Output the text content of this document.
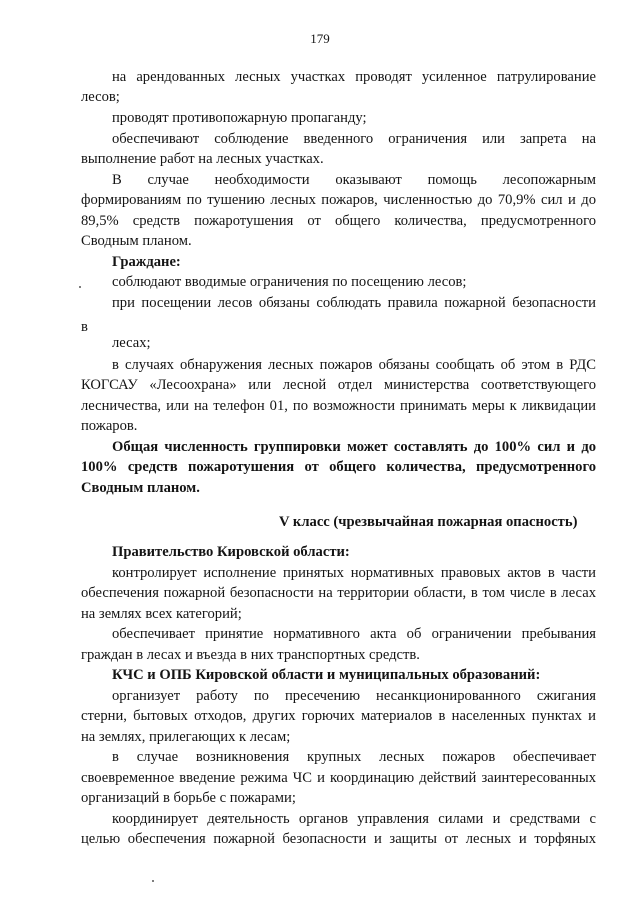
179
на арендованных лесных участках проводят усиленное патрулирование
лесов;
проводят противопожарную пропаганду;
обеспечивают соблюдение введенного ограничения или запрета на
выполнение работ на лесных участках.
В случае необходимости оказывают помощь лесопожарным
формированиям по тушению лесных пожаров, численностью до 70,9% сил и до
89,5% средств пожаротушения от общего количества, предусмотренного
Сводным планом.
Граждане:
соблюдают вводимые ограничения по посещению лесов;
при посещении лесов обязаны соблюдать правила пожарной безопасности
в
лесах;
в случаях обнаружения лесных пожаров обязаны сообщать об этом в РДС
КОГСАУ «Лесоохрана» или лесной отдел министерства соответствующего
лесничества, или на телефон 01, по возможности принимать меры к ликвидации
пожаров.
Общая численность группировки может составлять до 100% сил и до
100% средств пожаротушения от общего количества, предусмотренного
Сводным планом.
V класс (чрезвычайная пожарная опасность)
Правительство Кировской области:
контролирует исполнение принятых нормативных правовых актов в части
обеспечения пожарной безопасности на территории области, в том числе в лесах
на землях всех категорий;
обеспечивает принятие нормативного акта об ограничении пребывания
граждан в лесах и въезда в них транспортных средств.
КЧС и ОПБ Кировской области и муниципальных образований:
организует работу по пресечению несанкционированного сжигания
стерни, бытовых отходов, других горючих материалов в населенных пунктах и
на землях, прилегающих к лесам;
в случае возникновения крупных лесных пожаров обеспечивает
своевременное введение режима ЧС и координацию действий заинтересованных
организаций в борьбе с пожарами;
координирует деятельность органов управления силами и средствами с
целью обеспечения пожарной безопасности и защиты от лесных и торфяных
